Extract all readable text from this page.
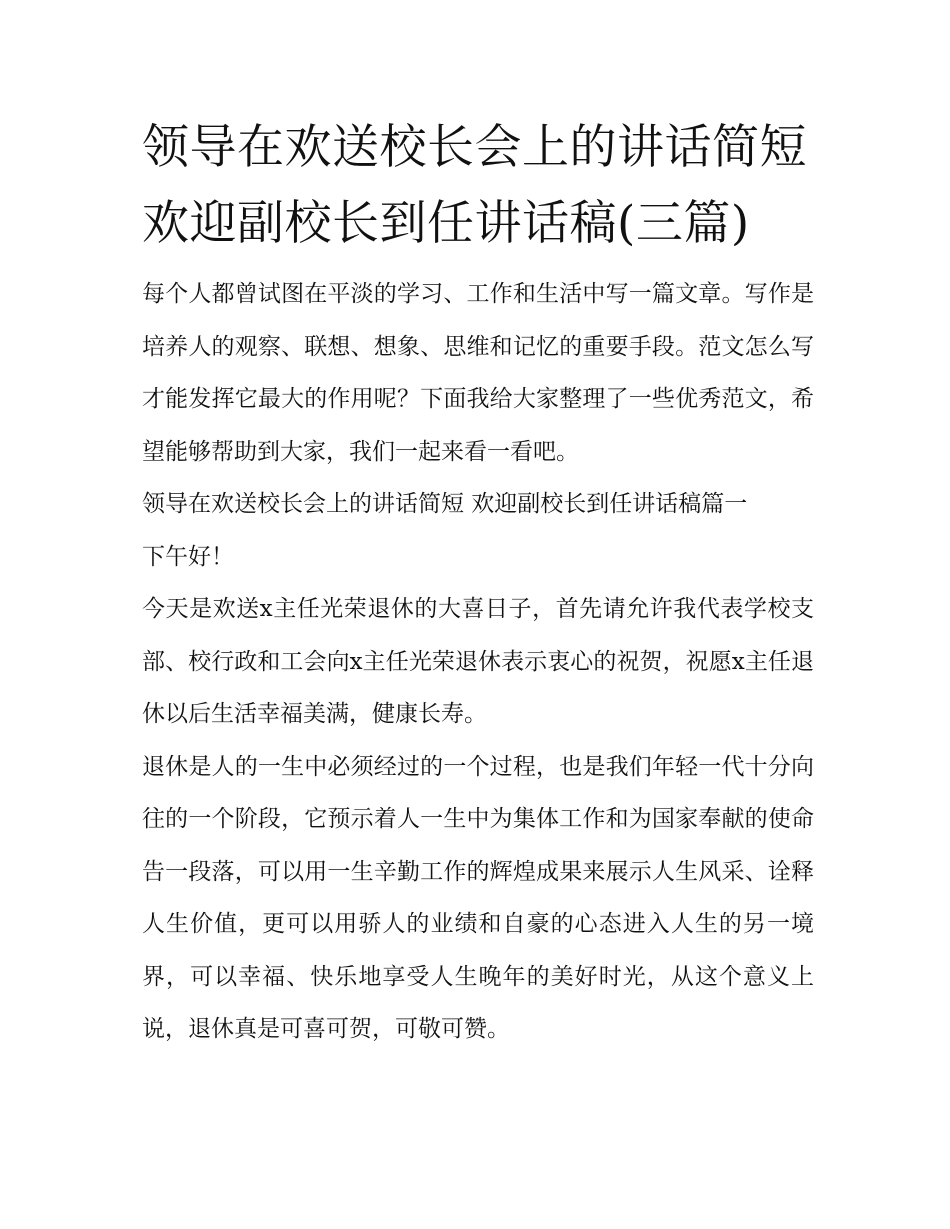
领导在欢送校长会上的讲话简短 欢迎副校长到任讲话稿(三篇)

每个人都曾试图在平淡的学习、工作和生活中写一篇文章。写作是培养人的观察、联想、想象、思维和记忆的重要手段。范文怎么写才能发挥它最大的作用呢？下面我给大家整理了一些优秀范文，希望能够帮助到大家，我们一起来看一看吧。

领导在欢送校长会上的讲话简短 欢迎副校长到任讲话稿篇一

下午好！

今天是欢送x主任光荣退休的大喜日子，首先请允许我代表学校支部、校行政和工会向x主任光荣退休表示衷心的祝贺，祝愿x主任退休以后生活幸福美满，健康长寿。

退休是人的一生中必须经过的一个过程，也是我们年轻一代十分向往的一个阶段，它预示着人一生中为集体工作和为国家奉献的使命告一段落，可以用一生辛勤工作的辉煌成果来展示人生风采、诠释人生价值，更可以用骄人的业绩和自豪的心态进入人生的另一境界，可以幸福、快乐地享受人生晚年的美好时光，从这个意义上说，退休真是可喜可贺，可敬可赞。
